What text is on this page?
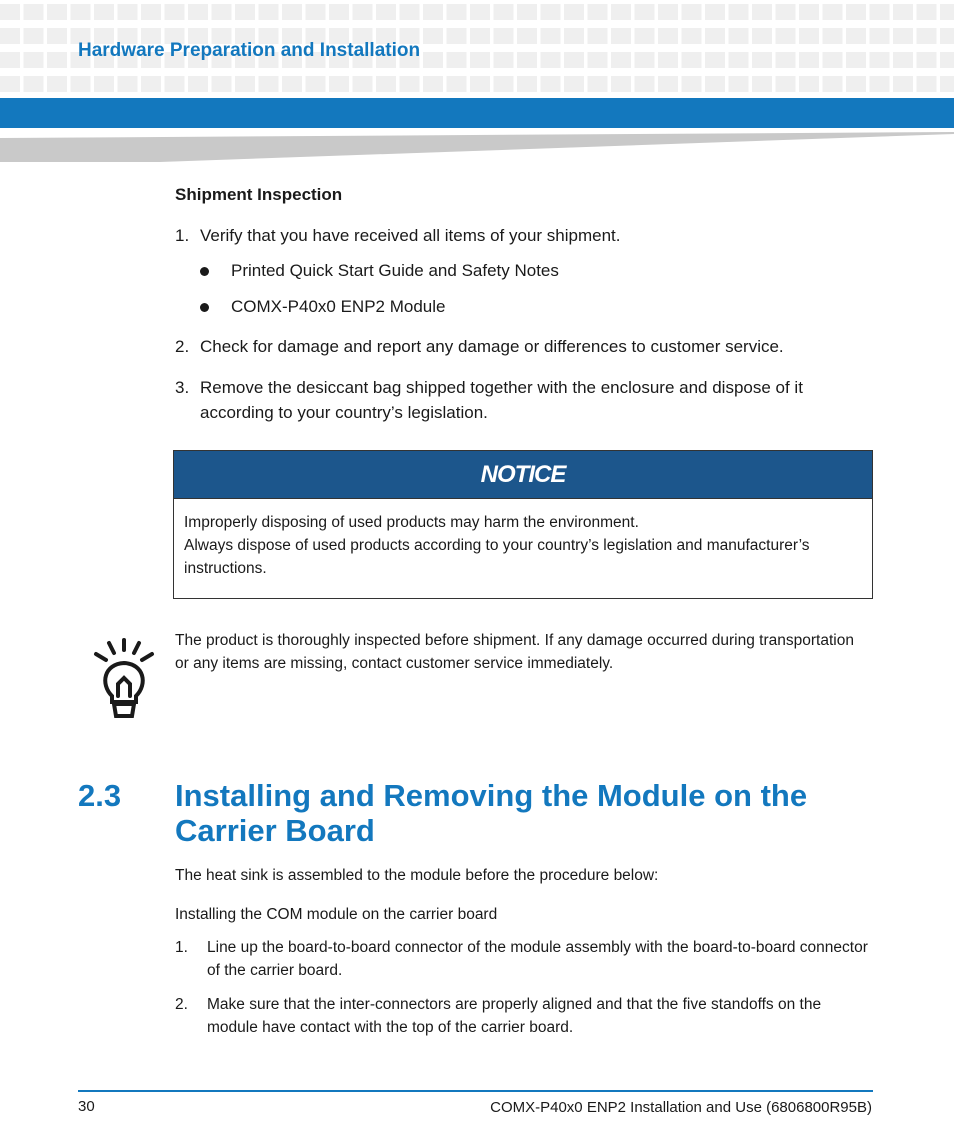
Hardware Preparation and Installation
Shipment Inspection

1. Verify that you have received all items of your shipment.

Printed Quick Start Guide and Safety Notes
COMX-P40x0 ENP2 Module

2. Check for damage and report any damage or differences to customer service.

3. Remove the desiccant bag shipped together with the enclosure and dispose of it according to your country’s legislation.

NOTICE

Improperly disposing of used products may harm the environment.

Always dispose of used products according to your country’s legislation and manufacturer’s instructions.

The product is thoroughly inspected before shipment. If any damage occurred during transportation or any items are missing, contact customer service immediately.

2.3 Installing and Removing the Module on the Carrier Board

The heat sink is assembled to the module before the procedure below:

Installing the COM module on the carrier board

1.	Line up the board-to-board connector of the module assembly with the board-to-board connector of the carrier board.

2.	Make sure that the inter-connectors are properly aligned and that the five standoffs on the module have contact with the top of the carrier board.

30	COMX-P40x0 ENP2 Installation and Use (6806800R95B)
